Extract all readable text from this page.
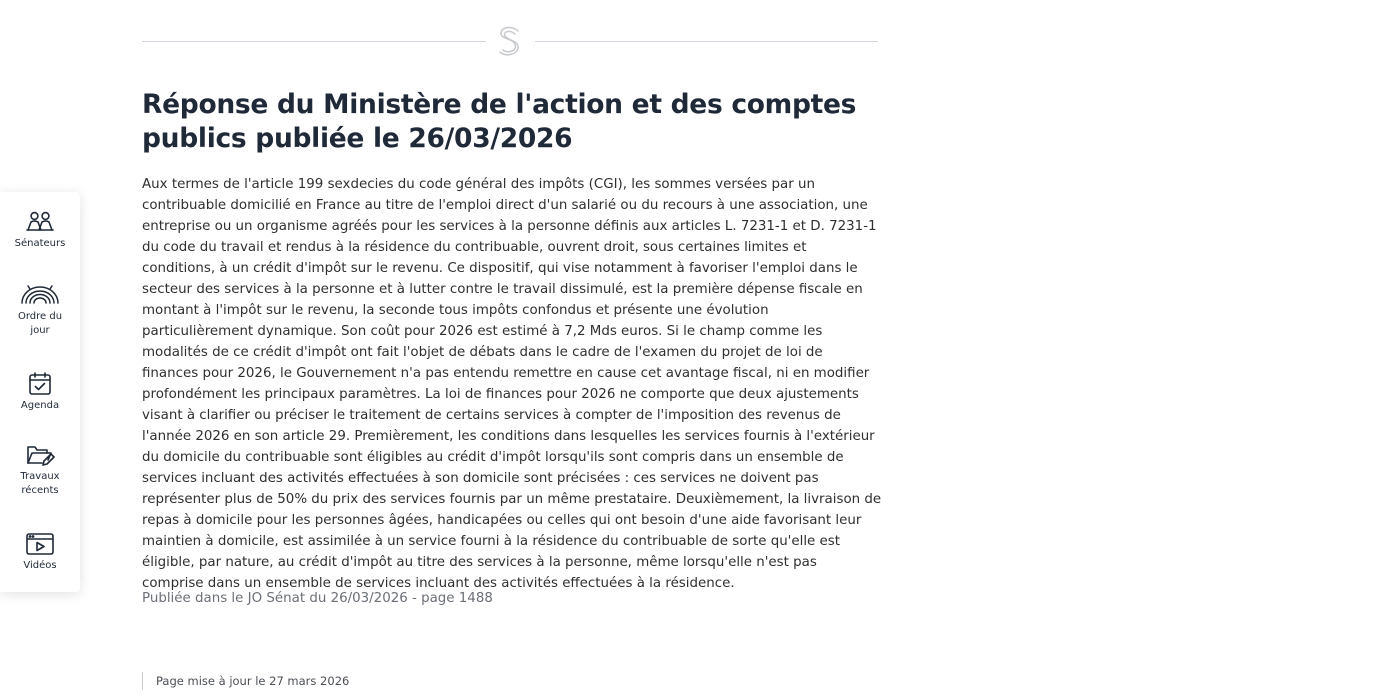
Sénateurs
Ordre du jour
Agenda
Travaux récents
Vidéos
Réponse du Ministère de l'action et des comptes publics publiée le 26/03/2026

Aux termes de l'article 199 sexdecies du code général des impôts (CGI), les sommes versées par un contribuable domicilié en France au titre de l'emploi direct d'un salarié ou du recours à une association, une entreprise ou un organisme agréés pour les services à la personne définis aux articles L. 7231-1 et D. 7231-1 du code du travail et rendus à la résidence du contribuable, ouvrent droit, sous certaines limites et conditions, à un crédit d'impôt sur le revenu. Ce dispositif, qui vise notamment à favoriser l'emploi dans le secteur des services à la personne et à lutter contre le travail dissimulé, est la première dépense fiscale en montant à l'impôt sur le revenu, la seconde tous impôts confondus et présente une évolution particulièrement dynamique. Son coût pour 2026 est estimé à 7,2 Mds euros. Si le champ comme les modalités de ce crédit d'impôt ont fait l'objet de débats dans le cadre de l'examen du projet de loi de finances pour 2026, le Gouvernement n'a pas entendu remettre en cause cet avantage fiscal, ni en modifier profondément les principaux paramètres. La loi de finances pour 2026 ne comporte que deux ajustements visant à clarifier ou préciser le traitement de certains services à compter de l'imposition des revenus de l'année 2026 en son article 29. Premièrement, les conditions dans lesquelles les services fournis à l'extérieur du domicile du contribuable sont éligibles au crédit d'impôt lorsqu'ils sont compris dans un ensemble de services incluant des activités effectuées à son domicile sont précisées : ces services ne doivent pas représenter plus de 50% du prix des services fournis par un même prestataire. Deuxièmement, la livraison de repas à domicile pour les personnes âgées, handicapées ou celles qui ont besoin d'une aide favorisant leur maintien à domicile, est assimilée à un service fourni à la résidence du contribuable de sorte qu'elle est éligible, par nature, au crédit d'impôt au titre des services à la personne, même lorsqu'elle n'est pas comprise dans un ensemble de services incluant des activités effectuées à la résidence.

Publiée dans le JO Sénat du 26/03/2026 - page 1488

Page mise à jour le 27 mars 2026
